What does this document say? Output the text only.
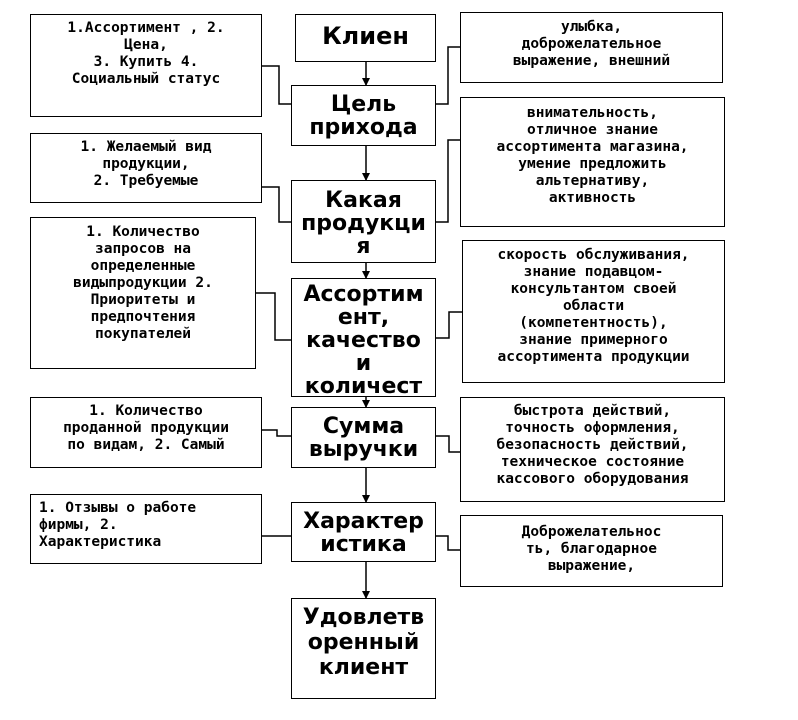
Клиен
Цель
прихода
Какая
продукци
я
Ассортим
ент,
качество
и
количест
Сумма
выручки
Характер
истика
Удовлетв
оренный
клиент
1.Ассортимент , 2.
Цена,
3. Купить 4.
Социальный статус
1. Желаемый вид
продукции,
2. Требуемые
1. Количество
запросов на
определенные
видыпродукции 2.
Приоритеты и
предпочтения
покупателей
1. Количество
проданной продукции
по видам, 2. Самый
1. Отзывы о работе
фирмы, 2.
Характеристика
улыбка,
доброжелательное
выражение, внешний
внимательность,
отличное знание
ассортимента магазина,
умение предложить
альтернативу,
активность
скорость обслуживания,
знание подавцом-
консультантом своей
области
(компетентность),
знание примерного
ассортимента продукции
быстрота действий,
точность оформления,
безопасность действий,
техническое состояние
кассового оборудования
Доброжелательнос
ть, благодарное
выражение,
